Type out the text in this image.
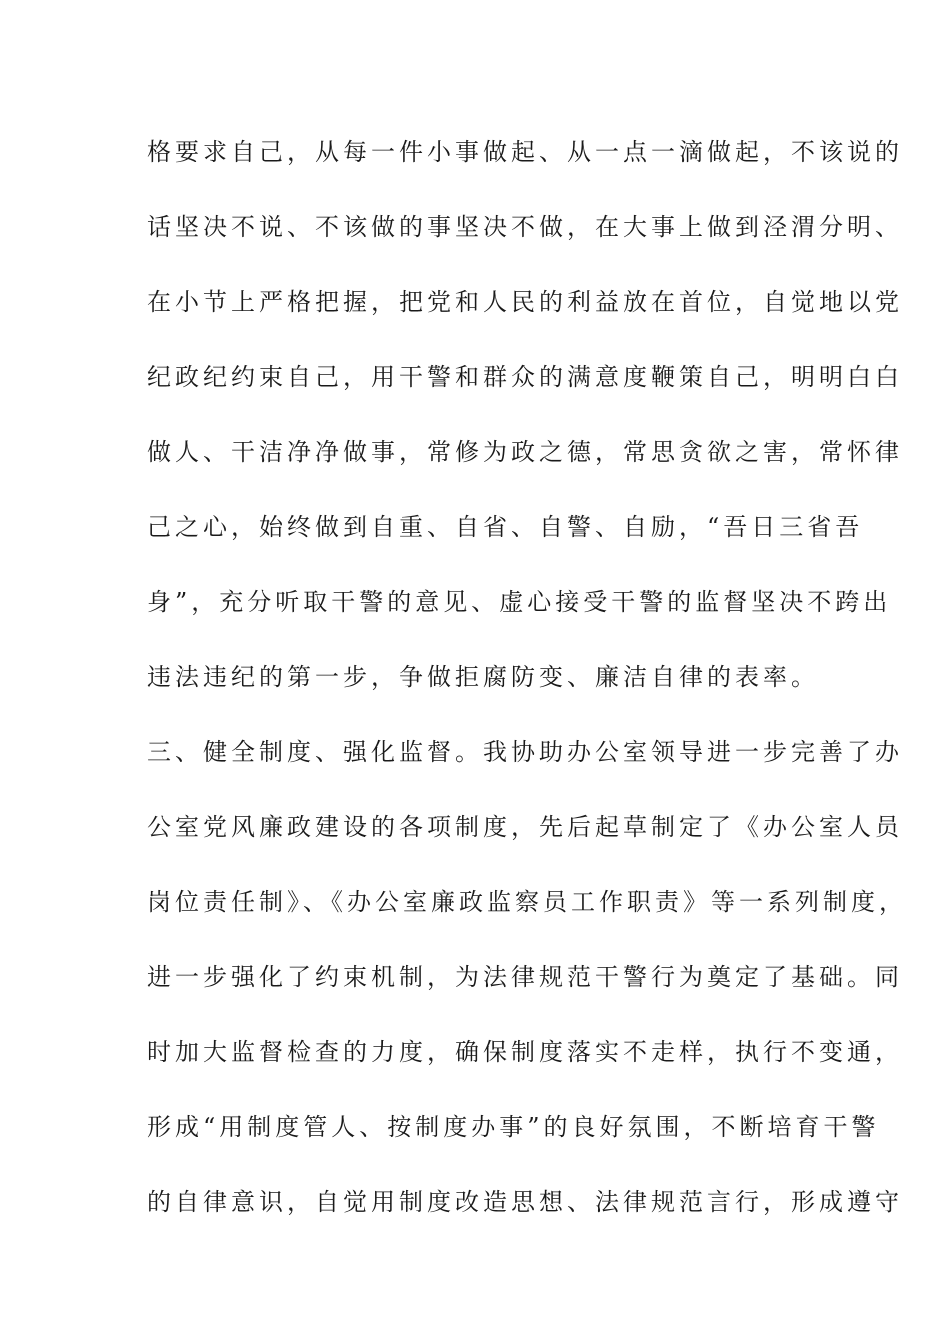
格要求自己，从每一件小事做起、从一点一滴做起，不该说的
话坚决不说、不该做的事坚决不做，在大事上做到泾渭分明、
在小节上严格把握，把党和人民的利益放在首位，自觉地以党
纪政纪约束自己，用干警和群众的满意度鞭策自己，明明白白
做人、干洁净净做事，常修为政之德，常思贪欲之害，常怀律
己之心，始终做到自重、自省、自警、自励，“吾日三省吾
身”，充分听取干警的意见、虚心接受干警的监督坚决不跨出
违法违纪的第一步，争做拒腐防变、廉洁自律的表率。
三、健全制度、强化监督。我协助办公室领导进一步完善了办
公室党风廉政建设的各项制度，先后起草制定了《办公室人员
岗位责任制》、《办公室廉政监察员工作职责》等一系列制度，
进一步强化了约束机制，为法律规范干警行为奠定了基础。同
时加大监督检查的力度，确保制度落实不走样，执行不变通，
形成“用制度管人、按制度办事”的良好氛围，不断培育干警
的自律意识，自觉用制度改造思想、法律规范言行，形成遵守
